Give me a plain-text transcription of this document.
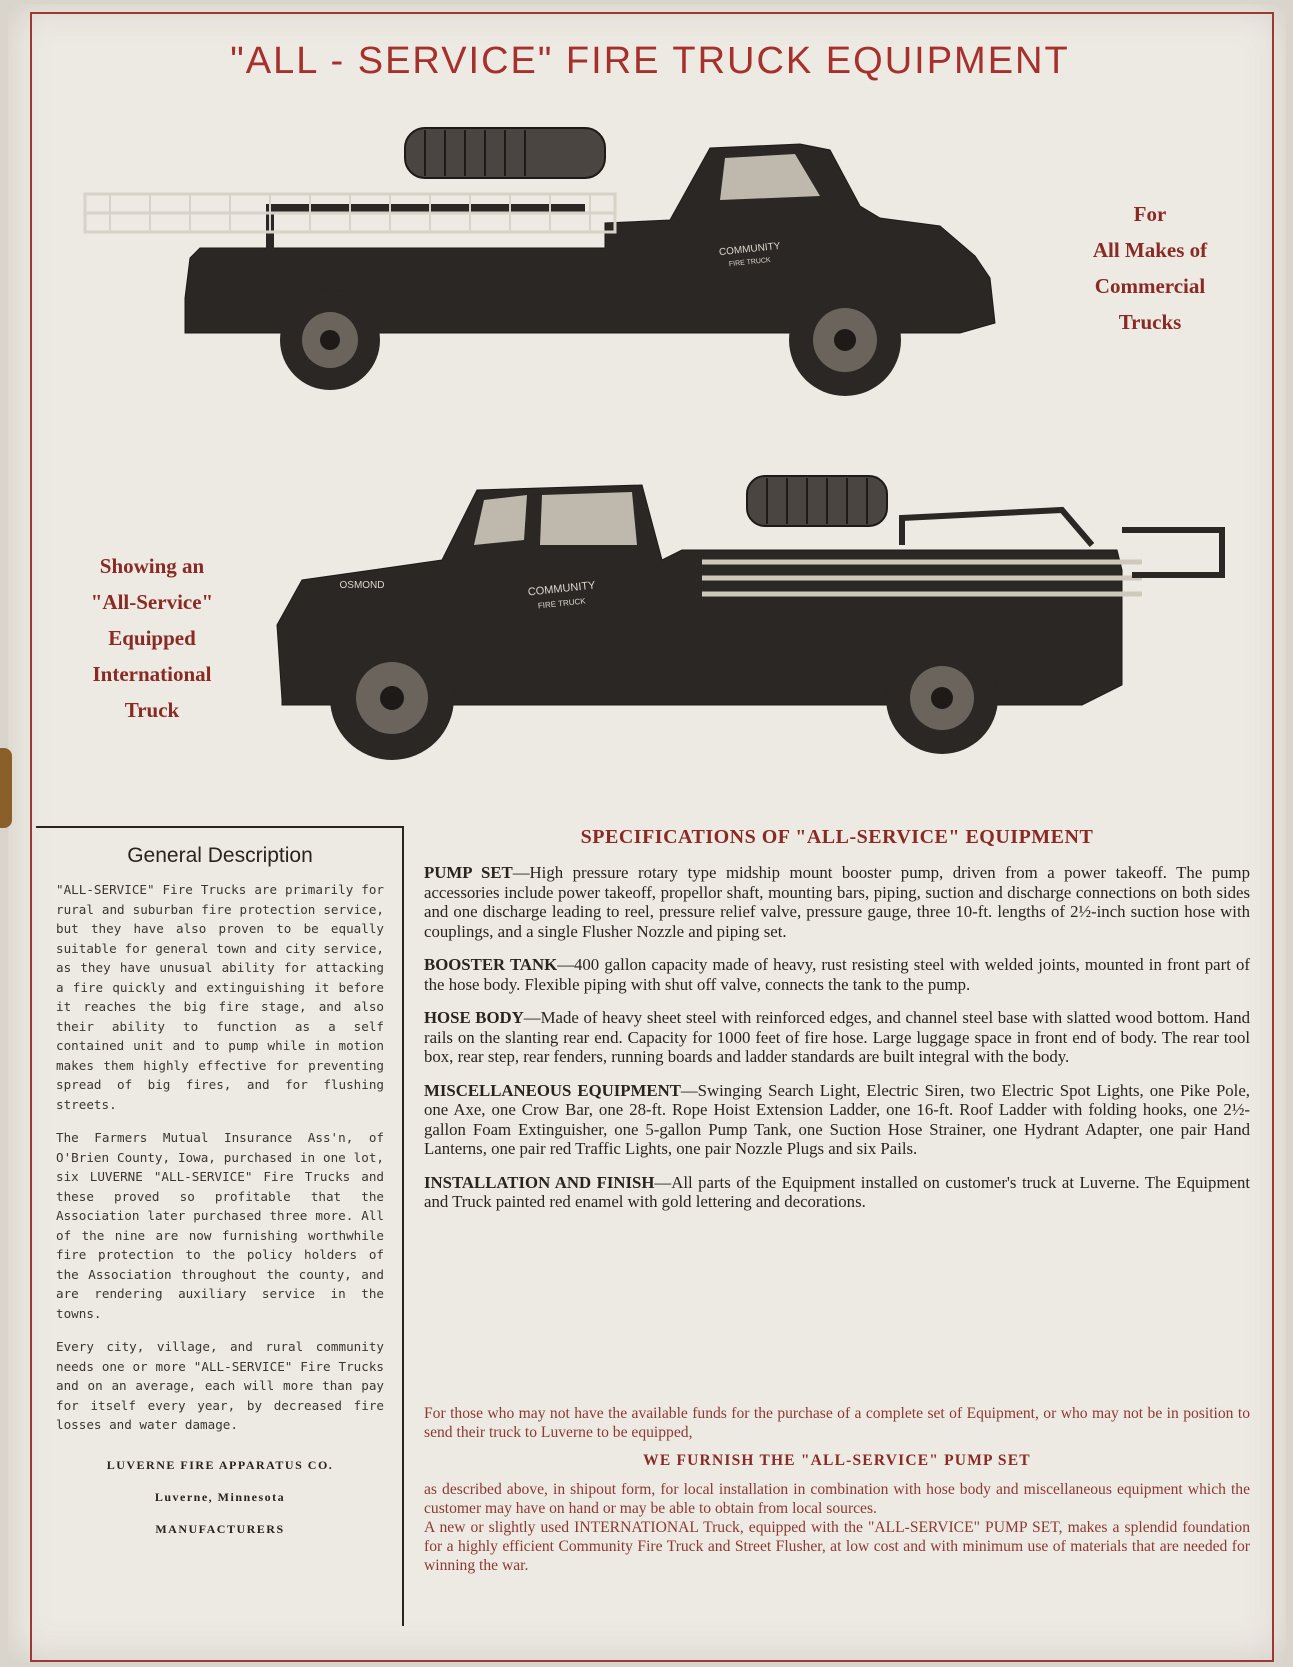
"ALL - SERVICE" FIRE TRUCK EQUIPMENT
COMMUNITY
FIRE TRUCK
For
All Makes of
Commercial
Trucks
OSMOND	COMMUNITY
FIRE TRUCK
Showing an
"All-Service"
Equipped
International
Truck
General Description

"ALL-SERVICE" Fire Trucks are primarily for rural and suburban fire protection service, but they have also proven to be equally suitable for general town and city service, as they have unusual ability for attacking a fire quickly and extinguishing it before it reaches the big fire stage, and also their ability to function as a self contained unit and to pump while in motion makes them highly effective for preventing spread of big fires, and for flushing streets.

The Farmers Mutual Insurance Ass'n, of O'Brien County, Iowa, purchased in one lot, six LUVERNE "ALL-SERVICE" Fire Trucks and these proved so profitable that the Association later purchased three more. All of the nine are now furnishing worthwhile fire protection to the policy holders of the Association throughout the county, and are rendering auxiliary service in the towns.

Every city, village, and rural community needs one or more "ALL-SERVICE" Fire Trucks and on an average, each will more than pay for itself every year, by decreased fire losses and water damage.

LUVERNE FIRE APPARATUS CO.
Luverne, Minnesota
MANUFACTURERS
SPECIFICATIONS OF "ALL-SERVICE" EQUIPMENT

PUMP SET—High pressure rotary type midship mount booster pump, driven from a power takeoff. The pump accessories include power takeoff, propellor shaft, mounting bars, piping, suction and discharge connections on both sides and one discharge leading to reel, pressure relief valve, pressure gauge, three 10-ft. lengths of 2½-inch suction hose with couplings, and a single Flusher Nozzle and piping set.

BOOSTER TANK—400 gallon capacity made of heavy, rust resisting steel with welded joints, mounted in front part of the hose body. Flexible piping with shut off valve, connects the tank to the pump.

HOSE BODY—Made of heavy sheet steel with reinforced edges, and channel steel base with slatted wood bottom. Hand rails on the slanting rear end. Capacity for 1000 feet of fire hose. Large luggage space in front end of body. The rear tool box, rear step, rear fenders, running boards and ladder standards are built integral with the body.

MISCELLANEOUS EQUIPMENT—Swinging Search Light, Electric Siren, two Electric Spot Lights, one Pike Pole, one Axe, one Crow Bar, one 28-ft. Rope Hoist Extension Ladder, one 16-ft. Roof Ladder with folding hooks, one 2½-gallon Foam Extinguisher, one 5-gallon Pump Tank, one Suction Hose Strainer, one Hydrant Adapter, one pair Hand Lanterns, one pair red Traffic Lights, one pair Nozzle Plugs and six Pails.

INSTALLATION AND FINISH—All parts of the Equipment installed on customer's truck at Luverne. The Equipment and Truck painted red enamel with gold lettering and decorations.

For those who may not have the available funds for the purchase of a complete set of Equipment, or who may not be in position to send their truck to Luverne to be equipped,

WE FURNISH THE "ALL-SERVICE" PUMP SET

as described above, in shipout form, for local installation in combination with hose body and miscellaneous equipment which the customer may have on hand or may be able to obtain from local sources.

A new or slightly used INTERNATIONAL Truck, equipped with the "ALL-SERVICE" PUMP SET, makes a splendid foundation for a highly efficient Community Fire Truck and Street Flusher, at low cost and with minimum use of materials that are needed for winning the war.
